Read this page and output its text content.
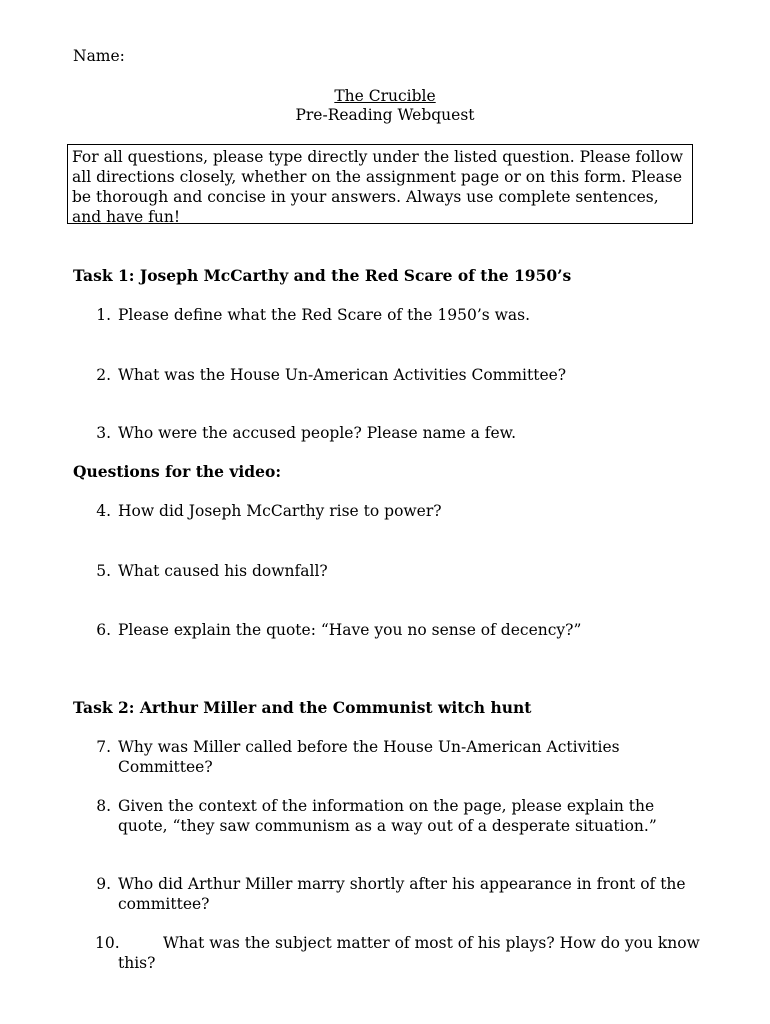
Name:
The Crucible
Pre-Reading Webquest
For all questions, please type directly under the listed question. Please follow all directions closely, whether on the assignment page or on this form. Please be thorough and concise in your answers. Always use complete sentences, and have fun!
Task 1: Joseph McCarthy and the Red Scare of the 1950’s
1. Please define what the Red Scare of the 1950’s was.
2. What was the House Un-American Activities Committee?
3. Who were the accused people? Please name a few.
Questions for the video:
4. How did Joseph McCarthy rise to power?
5. What caused his downfall?
6. Please explain the quote: “Have you no sense of decency?”
Task 2: Arthur Miller and the Communist witch hunt
7. Why was Miller called before the House Un-American Activities Committee?
8. Given the context of the information on the page, please explain the quote, “they saw communism as a way out of a desperate situation.”
9. Who did Arthur Miller marry shortly after his appearance in front of the committee?
10.	What was the subject matter of most of his plays? How do you know this?
